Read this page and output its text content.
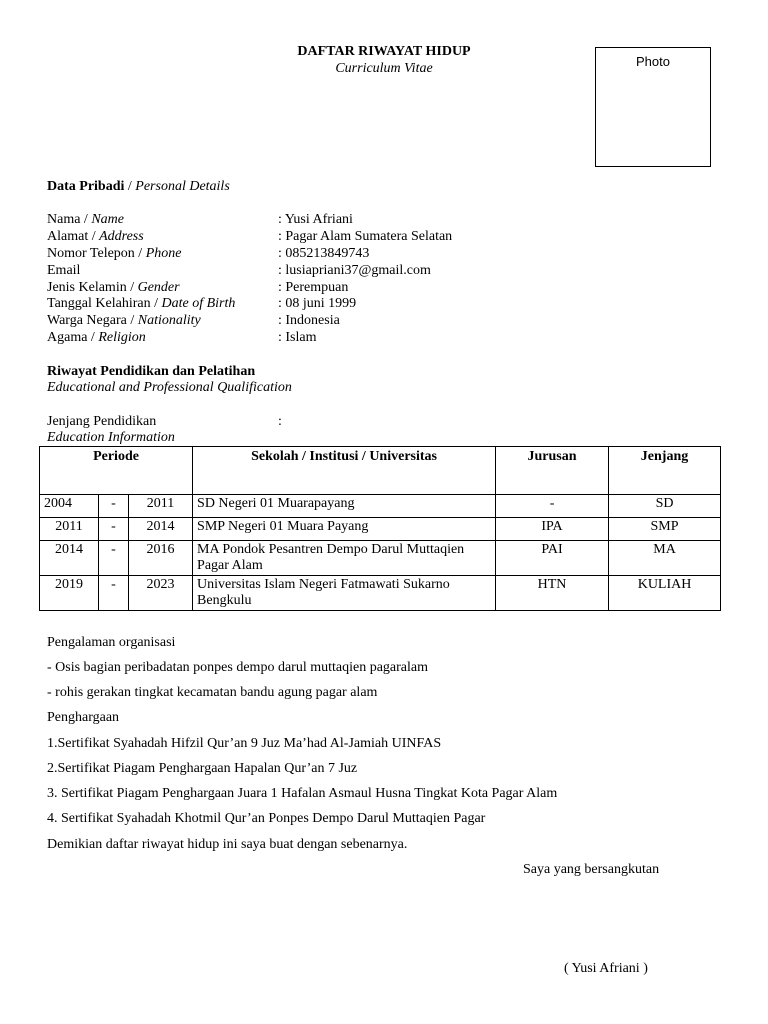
DAFTAR RIWAYAT HIDUP
Curriculum Vitae	Photo
Data Pribadi / Personal Details
Nama / Name	: Yusi Afriani
Alamat / Address	: Pagar Alam Sumatera Selatan
Nomor Telepon / Phone	: 085213849743
Email	: lusiapriani37@gmail.com
Jenis Kelamin / Gender	: Perempuan
Tanggal Kelahiran / Date of Birth	: 08 juni 1999
Warga Negara / Nationality	: Indonesia
Agama / Religion	: Islam
Riwayat Pendidikan dan Pelatihan
Educational and Professional Qualification
Jenjang Pendidikan	:
Education Information
Periode			Sekolah / Institusi / Universitas	Jurusan	Jenjang
2004	-	2011	SD Negeri 01 Muarapayang	-	SD
2011	-	2014	SMP Negeri 01 Muara Payang	IPA	SMP
2014	-	2016	MA Pondok Pesantren Dempo Darul Muttaqien Pagar Alam	PAI	MA
2019	-	2023	Universitas Islam Negeri Fatmawati Sukarno Bengkulu	HTN	KULIAH
Pengalaman organisasi
- Osis bagian peribadatan ponpes dempo darul muttaqien pagaralam
- rohis gerakan tingkat kecamatan bandu agung pagar alam
Penghargaan
1.Sertifikat Syahadah Hifzil Qur’an 9 Juz Ma’had Al-Jamiah UINFAS
2.Sertifikat Piagam Penghargaan Hapalan Qur’an 7 Juz
3. Sertifikat Piagam Penghargaan Juara 1 Hafalan Asmaul Husna Tingkat Kota Pagar Alam
4. Sertifikat Syahadah Khotmil Qur’an Ponpes Dempo Darul Muttaqien Pagar
Demikian daftar riwayat hidup ini saya buat dengan sebenarnya.
Saya yang bersangkutan
( Yusi Afriani )
